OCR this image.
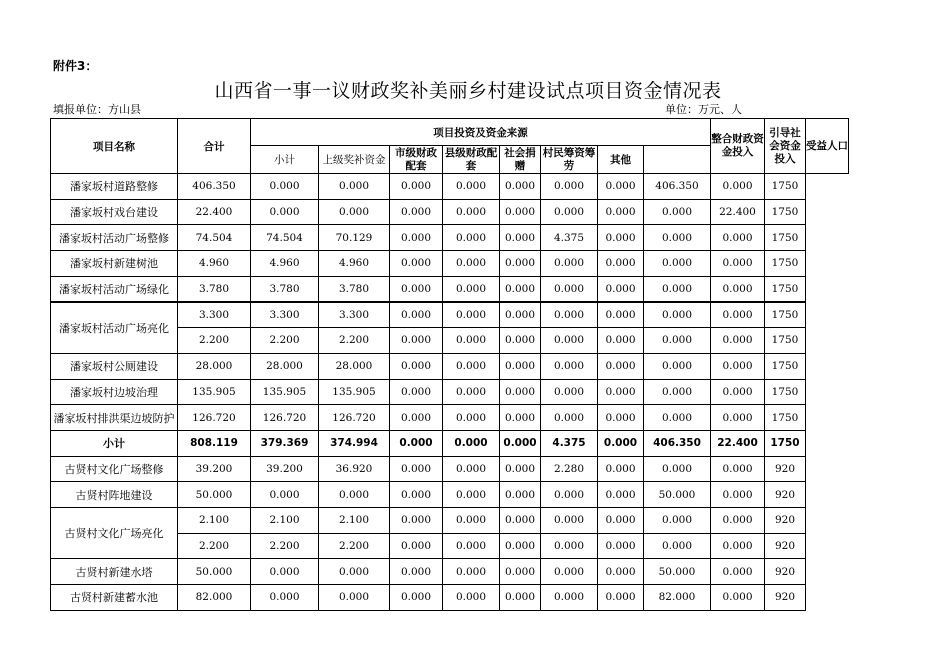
附件3：
山西省一事一议财政奖补美丽乡村建设试点项目资金情况表
填报单位：方山县	单位：万元、人
项目名称	合计	项目投资及资金来源								整合财政资金投入	引导社会资金投入	受益人口
		小计	上级奖补资金	市级财政配套	县级财政配套	社会捐赠	村民筹资筹劳	其他				
潘家坂村道路整修	406.350	0.000	0.000	0.000	0.000	0.000	0.000	0.000	406.350	0.000	1750	
潘家坂村戏台建设	22.400	0.000	0.000	0.000	0.000	0.000	0.000	0.000	0.000	22.400	1750	
潘家坂村活动广场整修	74.504	74.504	70.129	0.000	0.000	0.000	4.375	0.000	0.000	0.000	1750	
潘家坂村新建树池	4.960	4.960	4.960	0.000	0.000	0.000	0.000	0.000	0.000	0.000	1750	
潘家坂村活动广场绿化	3.780	3.780	3.780	0.000	0.000	0.000	0.000	0.000	0.000	0.000	1750	
潘家坂村活动广场亮化	3.300	3.300	3.300	0.000	0.000	0.000	0.000	0.000	0.000	0.000	1750	
	2.200	2.200	2.200	0.000	0.000	0.000	0.000	0.000	0.000	0.000	1750	
潘家坂村公厕建设	28.000	28.000	28.000	0.000	0.000	0.000	0.000	0.000	0.000	0.000	1750	
潘家坂村边坡治理	135.905	135.905	135.905	0.000	0.000	0.000	0.000	0.000	0.000	0.000	1750	
潘家坂村排洪渠边坡防护	126.720	126.720	126.720	0.000	0.000	0.000	0.000	0.000	0.000	0.000	1750	
小计	808.119	379.369	374.994	0.000	0.000	0.000	4.375	0.000	406.350	22.400	1750	
古贤村文化广场整修	39.200	39.200	36.920	0.000	0.000	0.000	2.280	0.000	0.000	0.000	920	
古贤村阵地建设	50.000	0.000	0.000	0.000	0.000	0.000	0.000	0.000	50.000	0.000	920	
古贤村文化广场亮化	2.100	2.100	2.100	0.000	0.000	0.000	0.000	0.000	0.000	0.000	920	
	2.200	2.200	2.200	0.000	0.000	0.000	0.000	0.000	0.000	0.000	920	
古贤村新建水塔	50.000	0.000	0.000	0.000	0.000	0.000	0.000	0.000	50.000	0.000	920	
古贤村新建蓄水池	82.000	0.000	0.000	0.000	0.000	0.000	0.000	0.000	82.000	0.000	920	
